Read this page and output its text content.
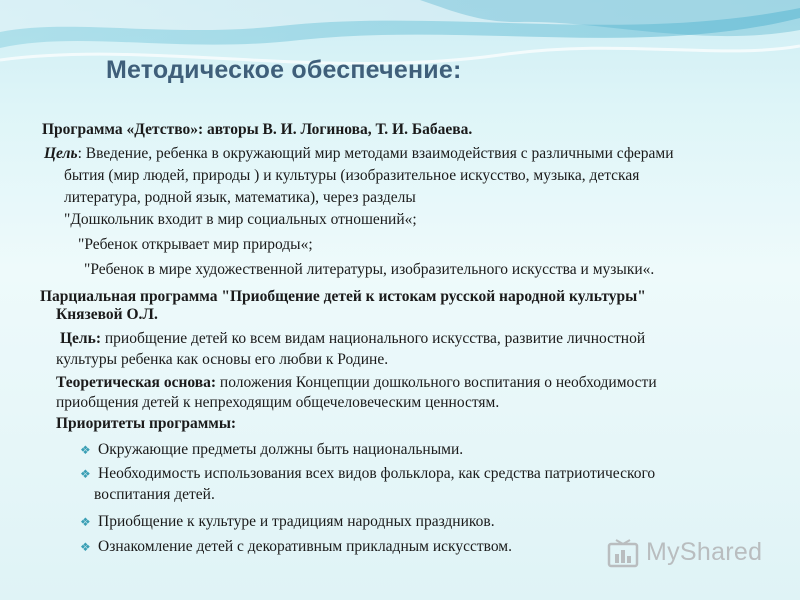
Методическое обеспечение:
Программа «Детство»: авторы В. И. Логинова, Т. И. Бабаева.
Цель: Введение, ребенка в окружающий мир методами взаимодействия с различными сферами
бытия (мир людей, природы ) и культуры (изобразительное искусство, музыка, детская
литература, родной язык, математика), через разделы
"Дошкольник входит в мир социальных отношений«;
"Ребенок открывает мир природы«;
"Ребенок в мире художественной литературы, изобразительного искусства и музыки«.
Парциальная программа "Приобщение детей к истокам русской народной культуры"
Князевой О.Л.
Цель: приобщение детей ко всем видам национального искусства, развитие личностной
культуры ребенка как основы его любви к Родине.
Теоретическая основа: положения Концепции дошкольного воспитания о необходимости
приобщения детей к непреходящим общечеловеческим ценностям.
Приоритеты программы:
❖ Окружающие предметы должны быть национальными.
❖ Необходимость использования всех видов фольклора, как средства патриотического
воспитания детей.
❖ Приобщение к культуре и традициям народных праздников.
❖ Ознакомление детей с декоративным прикладным искусством.	MyShared
